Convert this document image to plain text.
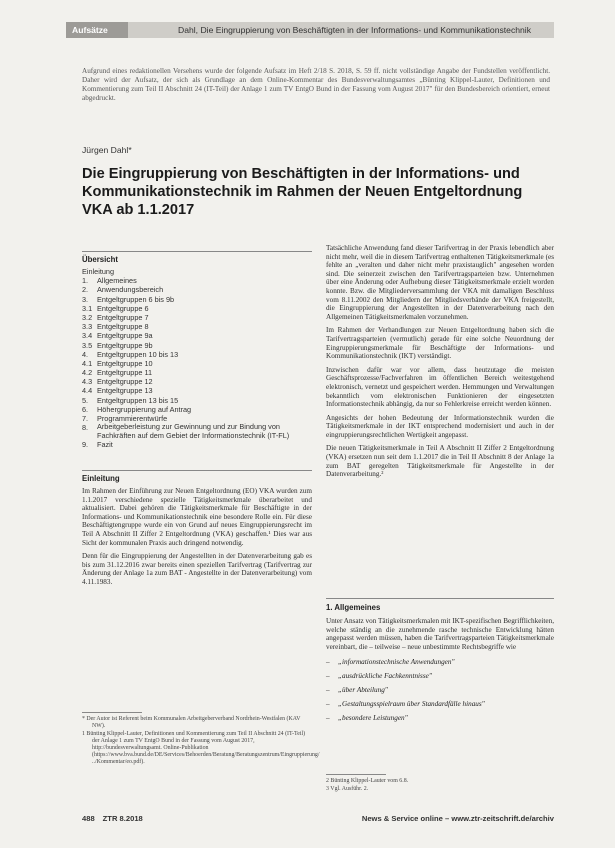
Aufsätze	Dahl, Die Eingruppierung von Beschäftigten in der Informations- und Kommunikationstechnik
Aufgrund eines redaktionellen Versehens wurde der folgende Aufsatz im Heft 2/18 S. 2018, S. 59 ff. nicht vollständige Angabe der Fundstellen veröffentlicht. Daher wird der Aufsatz, der sich als Grundlage an dem Online-Kommentar des Bundesverwaltungsamtes „Bünting Klippel-Lauter, Definitionen und Kommentierung zum Teil II Abschnitt 24 (IT-Teil) der Anlage 1 zum TV EntgO Bund in der Fassung vom August 2017" für den Bundesbereich orientiert, erneut abgedruckt.
Jürgen Dahl*
Die Eingruppierung von Beschäftigten in der Informations- und Kommunikationstechnik im Rahmen der Neuen Entgeltordnung VKA ab 1.1.2017
Übersicht
Einleitung
1. Allgemeines
2. Anwendungsbereich
3. Entgeltgruppen 6 bis 9b
3.1 Entgeltgruppe 6
3.2 Entgeltgruppe 7
3.3 Entgeltgruppe 8
3.4 Entgeltgruppe 9a
3.5 Entgeltgruppe 9b
4. Entgeltgruppen 10 bis 13
4.1 Entgeltgruppe 10
4.2 Entgeltgruppe 11
4.3 Entgeltgruppe 12
4.4 Entgeltgruppe 13
5. Entgeltgruppen 13 bis 15
6. Höhergruppierung auf Antrag
7. Programmierentwürfe
8. Arbeitgeberleistung zur Gewinnung und zur Bindung von Fachkräften auf dem Gebiet der Informationstechnik (IT-FL)
9. Fazit
Einleitung

Im Rahmen der Einführung zur Neuen Entgeltordnung (EO) VKA wurden zum 1.1.2017 verschiedene spezielle Tätigkeitsmerkmale überarbeitet und aktualisiert. Dabei gehören die Tätigkeitsmerkmale für Beschäftigte in der Informations- und Kommunikationstechnik eine besondere Rolle ein. Für diese Beschäftigtengruppe wurde ein von Grund auf neues Eingruppierungsrecht im Teil A Abschnitt II Ziffer 2 Entgeltordnung (VKA) geschaffen.¹ Dies war aus Sicht der kommunalen Praxis auch dringend notwendig.

Denn für die Eingruppierung der Angestellten in der Datenverarbeitung gab es bis zum 31.12.2016 zwar bereits einen speziellen Tarifvertrag (Tarifvertrag zur Änderung der Anlage 1a zum BAT - Angestellte in der Datenverarbeitung) vom 4.11.1983.

* Der Autor ist Referent beim Kommunalen Arbeitgeberverband Nordrhein-Westfalen (KAV NW).

1 Bünting Klippel-Lauter, Definitionen und Kommentierung zum Teil II Abschnitt 24 (IT-Teil) der Anlage 1 zum TV EntgO Bund in der Fassung vom August 2017, http://bundesverwaltungsamt. Online-Publikation (https://www.bva.bund.de/DE/Services/Behoerden/Beratung/Beratungszentrum/Eingruppierung/ ../Kommentar/eo.pdf).

Tatsächliche Anwendung fand dieser Tarifvertrag in der Praxis lebendlich aber nicht mehr, weil die in diesem Tarifvertrag enthaltenen Tätigkeitsmerkmale (es fehlte an „veralten und daher nicht mehr praxistauglich" angesehen worden sind. Die seinerzeit zwischen den Tarifvertragsparteien bzw. Unternehmen über eine Änderung oder Aufhebung dieser Tätigkeitsmerkmale erzielt worden konnte. Bzw. die Mitgliederversammlung der VKA mit damaligen Beschluss vom 8.11.2002 den Mitgliedern der Mitgliedsverbände der VKA freigestellt, die Eingruppierung der Angestellten in der Datenverarbeitung nach den Allgemeinen Tätigkeitsmerkmalen vorzunehmen.

Im Rahmen der Verhandlungen zur Neuen Entgeltordnung haben sich die Tarifvertragsparteien (vermutlich) gerade für eine solche Neuordnung der Eingruppierungsmerkmale für Beschäftigte der Informations- und Kommunikationstechnik (IKT) verständigt.

Inzwischen dafür war vor allem, dass heutzutage die meisten Geschäftsprozesse/Fachverfahren im öffentlichen Bereich weitestgehend elektronisch, vernetzt und gespeichert werden. Hemmungen und Verwaltungen bekanntlich vom elektronischen Funktionieren der eingesetzten Informationstechnik abhängig, da nur so Fehlerkreise erreicht werden können.

Angesichts der hohen Bedeutung der Informationstechnik wurden die Tätigkeitsmerkmale in der IKT entsprechend modernisiert und auch in der eingruppierungsrechtlichen Wertigkeit angepasst.

Die neuen Tätigkeitsmerkmale in Teil A Abschnitt II Ziffer 2 Entgeltordnung (VKA) ersetzen nun seit dem 1.1.2017 die in Teil II Abschnitt 8 der Anlage 1a zum BAT geregelten Tätigkeitsmerkmale für Angestellte in der Datenverarbeitung.²

1. Allgemeines
Unter Ansatz von Tätigkeitsmerkmalen mit IKT-spezifischen Begrifflichkeiten, welche ständig an die zunehmende rasche technische Entwicklung hätten angepasst werden müssen, haben die Tarifvertragsparteien Tätigkeitsmerkmale vereinbart, die – teilweise – neue unbestimmte Rechtsbegriffe wie
– „informationstechnische Anwendungen"
– „ausdrückliche Fachkenntnisse"
– „über Abteilung"
– „Gestaltungsspielraum über Standardfälle hinaus"
– „besondere Leistungen"

2 Bünting Klippel-Lauter vom 6.8.

3 Vgl. Ausführ. 2.

488 ZTR 8.2018	News & Service online – www.ztr-zeitschrift.de/archiv
